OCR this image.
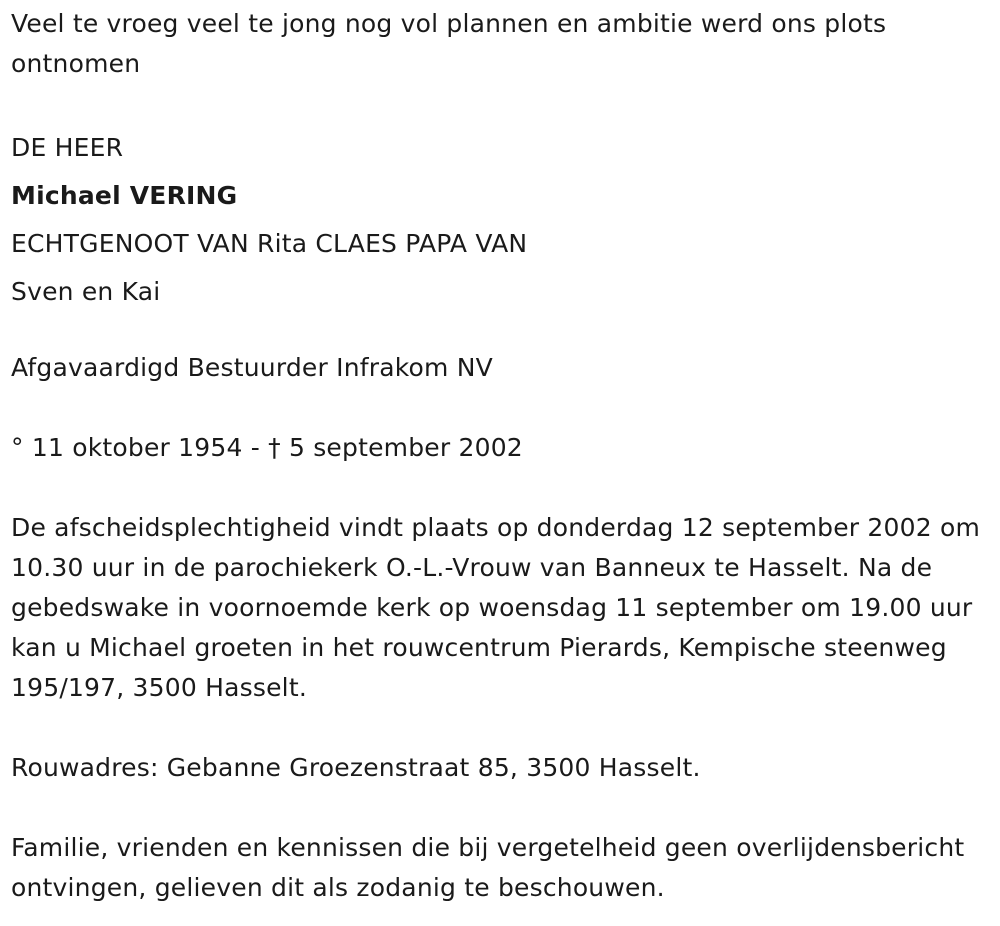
Veel te vroeg veel te jong nog vol plannen en ambitie werd ons plots ontnomen

DE HEER

Michael VERING

ECHTGENOOT VAN Rita CLAES PAPA VAN

Sven en Kai

Afgavaardigd Bestuurder Infrakom NV

° 11 oktober 1954 - † 5 september 2002

De afscheidsplechtigheid vindt plaats op donderdag 12 september 2002 om 10.30 uur in de parochiekerk O.-L.-Vrouw van Banneux te Hasselt. Na de gebedswake in voornoemde kerk op woensdag 11 september om 19.00 uur kan u Michael groeten in het rouwcentrum Pierards, Kempische steenweg 195/197, 3500 Hasselt.

Rouwadres: Gebanne Groezenstraat 85, 3500 Hasselt.

Familie, vrienden en kennissen die bij vergetelheid geen overlijdensbericht ontvingen, gelieven dit als zodanig te beschouwen.
